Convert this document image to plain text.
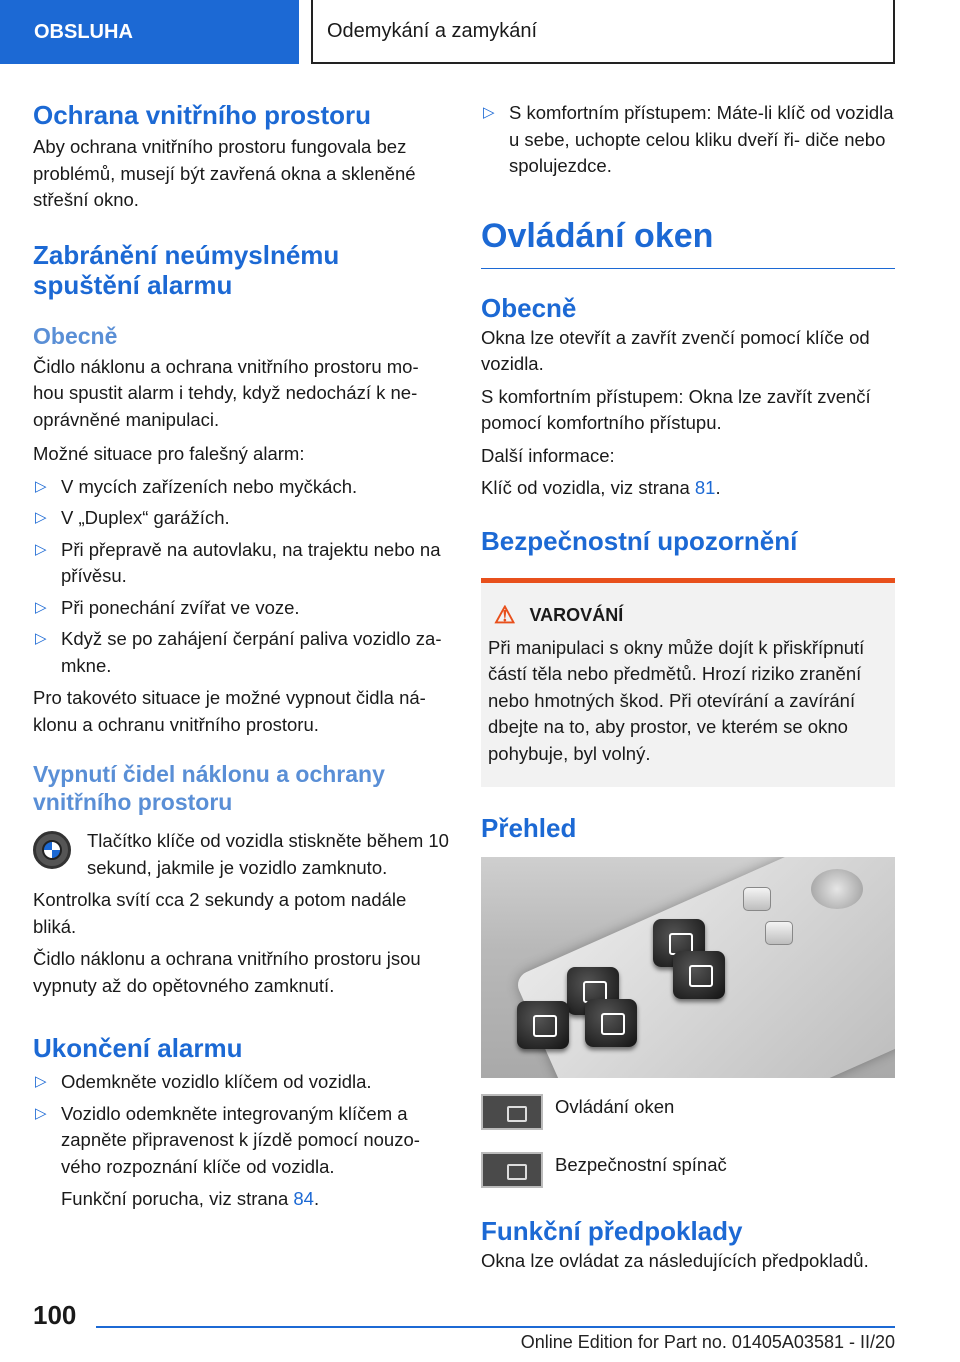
OBSLUHA	Odemykání a zamykání
Ochrana vnitřního prostoru

Aby ochrana vnitřního prostoru fungovala bez problémů, musejí být zavřená okna a skleněné střešní okno.

Zabránění neúmyslnému spuštění alarmu
Obecně

Čidlo náklonu a ochrana vnitřního prostoru mo- hou spustit alarm i tehdy, když nedochází k ne- oprávněné manipulaci.

Možné situace pro falešný alarm:

▷ V mycích zařízeních nebo myčkách.
▷ V „Duplex“ garážích.
▷ Při přepravě na autovlaku, na trajektu nebo na přívěsu.
▷ Při ponechání zvířat ve voze.
▷ Když se po zahájení čerpání paliva vozidlo za- mkne.

Pro takovéto situace je možné vypnout čidla ná- klonu a ochranu vnitřního prostoru.

Vypnutí čidel náklonu a ochrany vnitřního prostoru

Tlačítko klíče od vozidla stiskněte během 10 sekund, jakmile je vozidlo zamknuto.

Kontrolka svítí cca 2 sekundy a potom nadále bliká.

Čidlo náklonu a ochrana vnitřního prostoru jsou vypnuty až do opětovného zamknutí.

Ukončení alarmu
▷ Odemkněte vozidlo klíčem od vozidla.
▷ Vozidlo odemkněte integrovaným klíčem a zapněte připravenost k jízdě pomocí nouzo- vého rozpoznání klíče od vozidla.

Funkční porucha, viz strana 84.

▷ S komfortním přístupem: Máte-li klíč od vozidla u sebe, uchopte celou kliku dveří ři- diče nebo spolujezdce.
Ovládání oken
Obecně

Okna lze otevřít a zavřít zvenčí pomocí klíče od vozidla.

S komfortním přístupem: Okna lze zavřít zvenčí pomocí komfortního přístupu.

Další informace:

Klíč od vozidla, viz strana 81.

Bezpečnostní upozornění
⚠ VAROVÁNÍ

Při manipulaci s okny může dojít k přiskřípnutí částí těla nebo předmětů. Hrozí riziko zranění nebo hmotných škod. Při otevírání a zavírání dbejte na to, aby prostor, ve kterém se okno pohybuje, byl volný.

Přehled

Ovládání oken

Bezpečnostní spínač

Funkční předpoklady

Okna lze ovládat za následujících předpokladů.

100
Online Edition for Part no. 01405A03581 - II/20
